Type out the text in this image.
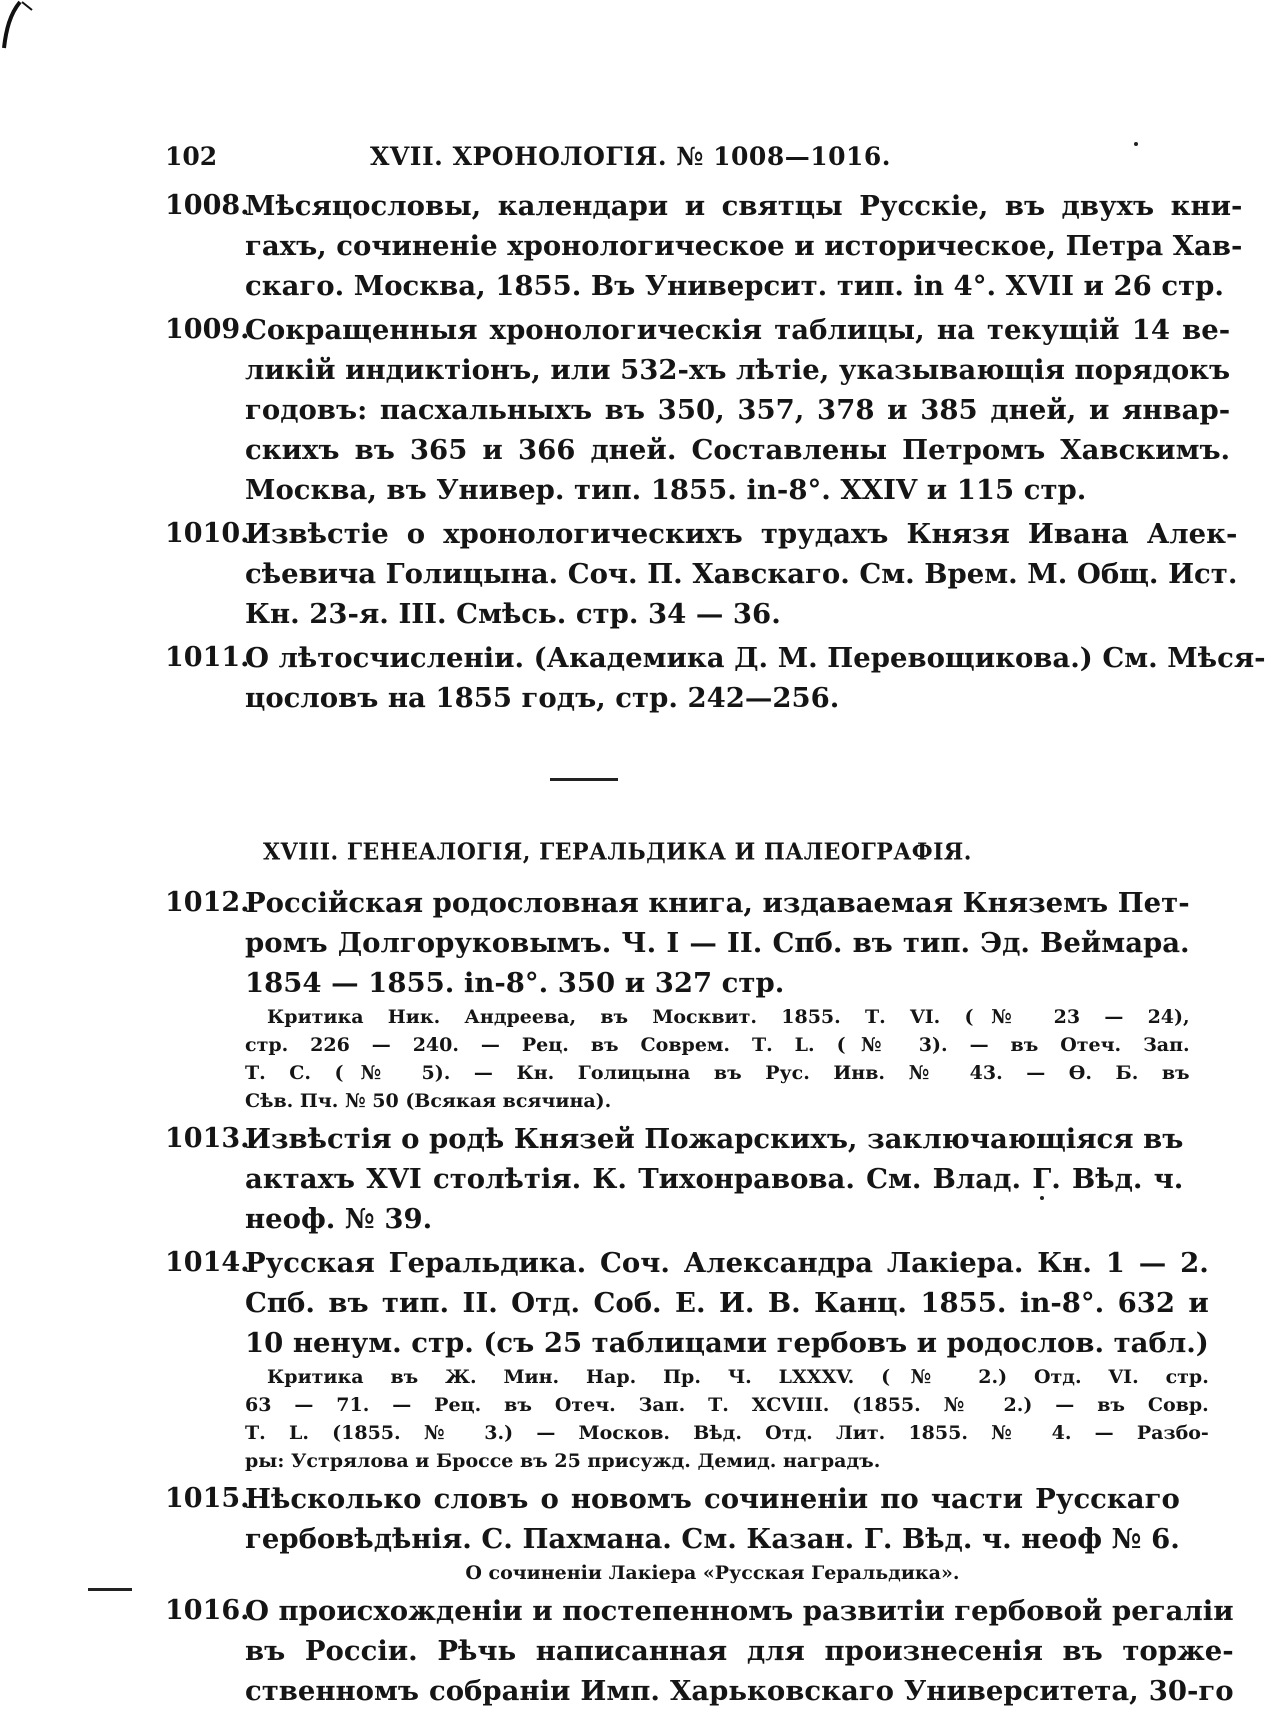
102	XVII. ХРОНОЛОГІЯ. № 1008—1016.
1008.
Мѣсяцословы, календари и святцы Русскіе, въ двухъ кни-
гахъ, сочиненіе хронологическое и историческое, Петра Хав-
скаго. Москва, 1855. Въ Университ. тип. in 4°. XVII и 26 стр.
1009.
Сокращенныя хронологическія таблицы, на текущій 14 ве-
ликій индиктіонъ, или 532-хъ лѣтіе, указывающія порядокъ
годовъ: пасхальныхъ въ 350, 357, 378 и 385 дней, и январ-
скихъ въ 365 и 366 дней. Составлены Петромъ Хавскимъ.
Москва, въ Универ. тип. 1855. in-8°. XXIV и 115 стр.
1010.
Извѣстіе о хронологическихъ трудахъ Князя Ивана Алек-
сѣевича Голицына. Соч. П. Хавскаго. См. Врем. М. Общ. Ист.
Кн. 23-я. III. Смѣсь. стр. 34 — 36.
1011.
О лѣтосчисленіи. (Академика Д. М. Перевощикова.) См. Мѣся-
цословъ на 1855 годъ, стр. 242—256.
XVIII. ГЕНЕАЛОГІЯ, ГЕРАЛЬДИКА И ПАЛЕОГРАФІЯ.
1012.
Россійская родословная книга, издаваемая Княземъ Пет-
ромъ Долгоруковымъ. Ч. I — II. Спб. въ тип. Эд. Веймара.
1854 — 1855. in-8°. 350 и 327 стр.
Критика Ник. Андреева, въ Москвит. 1855. Т. VI. (№ 23 — 24),
стр. 226 — 240. — Рец. въ Соврем. Т. L. (№ 3). — въ Отеч. Зап.
Т. С. (№ 5). — Кн. Голицына въ Рус. Инв. № 43. — Ѳ. Б. въ
Сѣв. Пч. № 50 (Всякая всячина).
1013.
Извѣстія о родѣ Князей Пожарскихъ, заключающіяся въ
актахъ XVI столѣтія. К. Тихонравова. См. Влад. Г. Вѣд. ч.
неоф. № 39.
1014.
Русская Геральдика. Соч. Александра Лакіера. Кн. 1 — 2.
Спб. въ тип. II. Отд. Соб. Е. И. В. Канц. 1855. in-8°. 632 и
10 ненум. стр. (съ 25 таблицами гербовъ и родослов. табл.)
Критика въ Ж. Мин. Нар. Пр. Ч. LXXXV. (№ 2.) Отд. VI. стр.
63 — 71. — Рец. въ Отеч. Зап. Т. XCVIII. (1855. № 2.) — въ Совр.
Т. L. (1855. № 3.) — Москов. Вѣд. Отд. Лит. 1855. № 4. — Разбо-
ры: Устрялова и Броссе въ 25 присужд. Демид. наградъ.
1015.
Нѣсколько словъ о новомъ сочиненіи по части Русскаго
гербовѣдѣнія. С. Пахмана. См. Казан. Г. Вѣд. ч. неоф № 6.
О сочиненіи Лакіера «Русская Геральдика».
1016.
О происхожденіи и постепенномъ развитіи гербовой регаліи
въ Россіи. Рѣчь написанная для произнесенія въ торже-
ственномъ собраніи Имп. Харьковскаго Университета, 30-го
